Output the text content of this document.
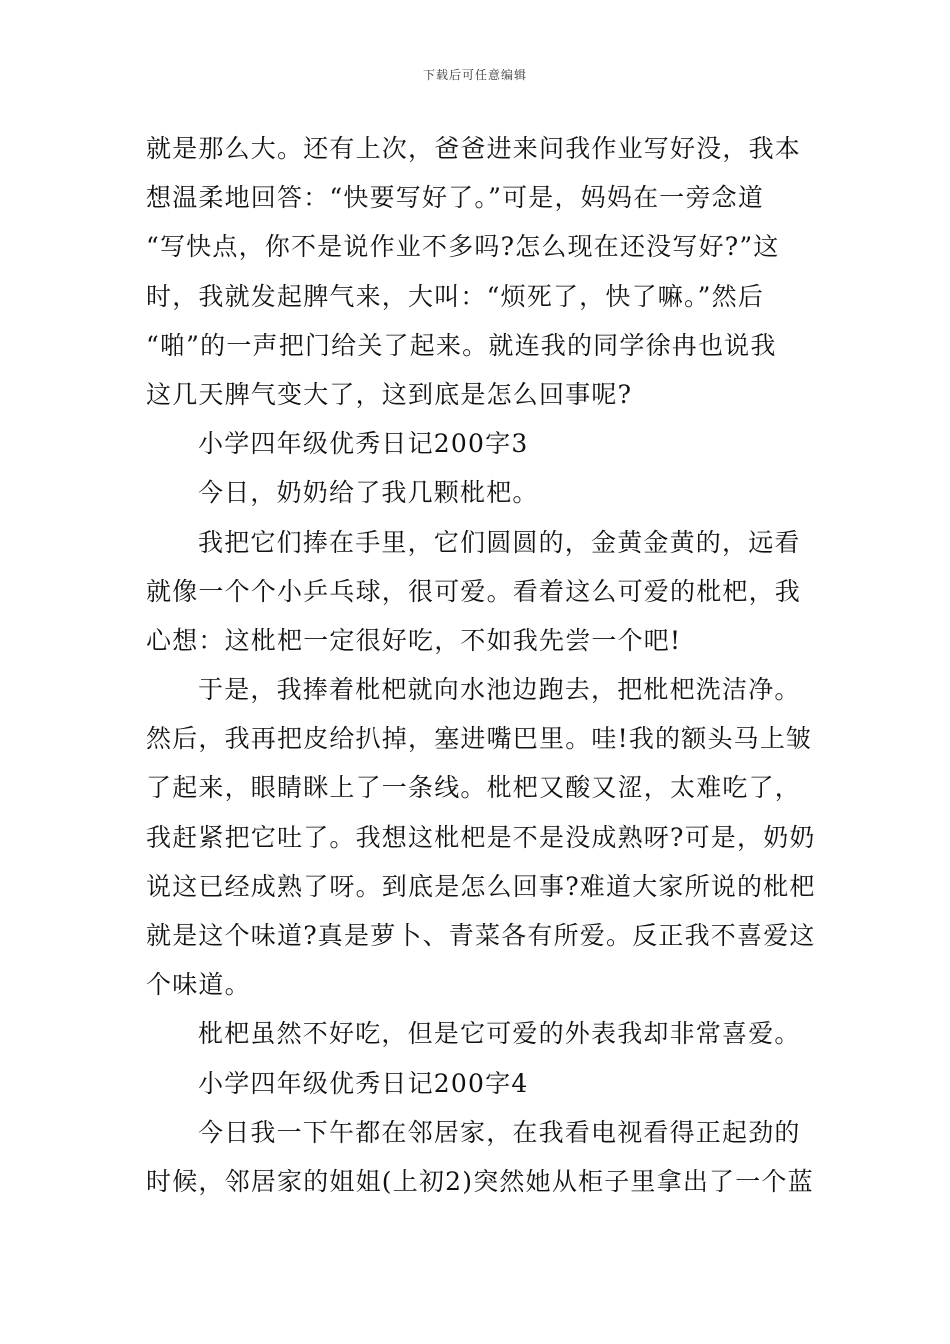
下载后可任意编辑
就是那么大。还有上次，爸爸进来问我作业写好没，我本
想温柔地回答：“快要写好了。”可是，妈妈在一旁念道
“写快点，你不是说作业不多吗?怎么现在还没写好?”这
时，我就发起脾气来，大叫：“烦死了，快了嘛。”然后
“啪”的一声把门给关了起来。就连我的同学徐冉也说我
这几天脾气变大了，这到底是怎么回事呢?
小学四年级优秀日记200字3
今日，奶奶给了我几颗枇杷。
我把它们捧在手里，它们圆圆的，金黄金黄的，远看
就像一个个小乒乓球，很可爱。看着这么可爱的枇杷，我
心想：这枇杷一定很好吃，不如我先尝一个吧!
于是，我捧着枇杷就向水池边跑去，把枇杷洗洁净。
然后，我再把皮给扒掉，塞进嘴巴里。哇!我的额头马上皱
了起来，眼睛眯上了一条线。枇杷又酸又涩，太难吃了，
我赶紧把它吐了。我想这枇杷是不是没成熟呀?可是，奶奶
说这已经成熟了呀。到底是怎么回事?难道大家所说的枇杷
就是这个味道?真是萝卜、青菜各有所爱。反正我不喜爱这
个味道。
枇杷虽然不好吃，但是它可爱的外表我却非常喜爱。
小学四年级优秀日记200字4
今日我一下午都在邻居家，在我看电视看得正起劲的
时候，邻居家的姐姐(上初2)突然她从柜子里拿出了一个蓝
